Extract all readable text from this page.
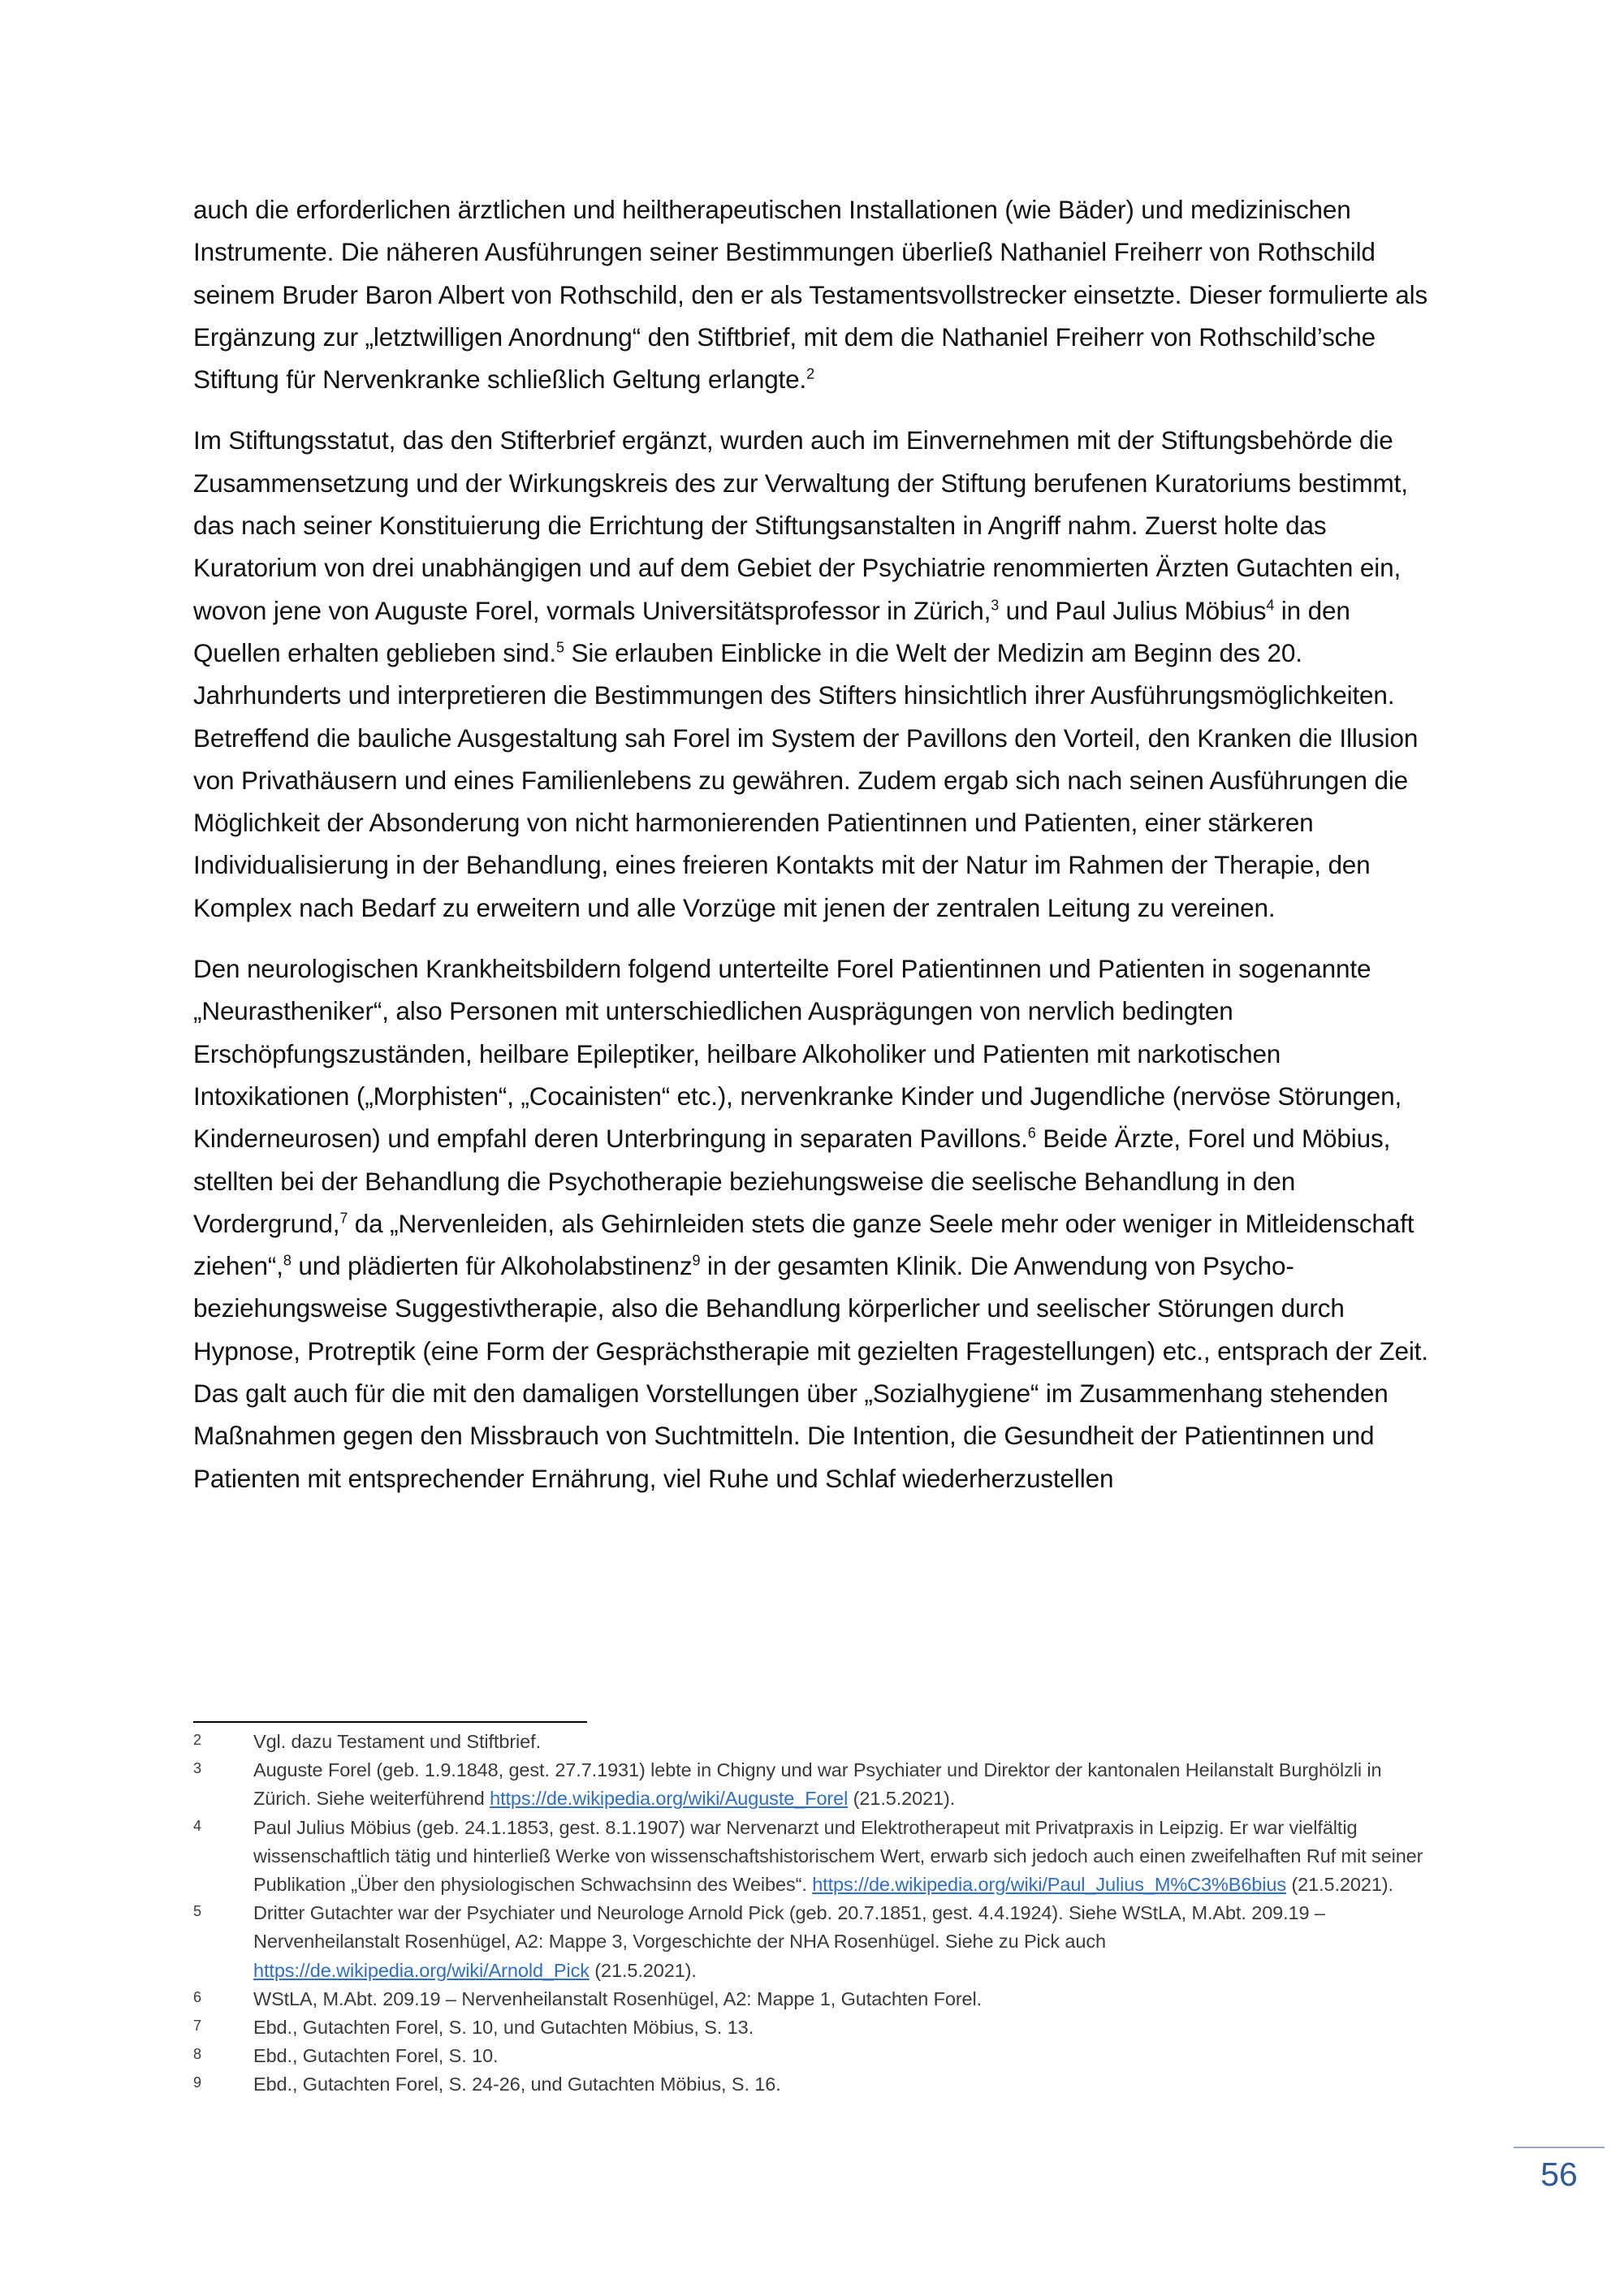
auch die erforderlichen ärztlichen und heiltherapeutischen Installationen (wie Bäder) und medizinischen Instrumente. Die näheren Ausführungen seiner Bestimmungen überließ Nathaniel Freiherr von Rothschild seinem Bruder Baron Albert von Rothschild, den er als Testamentsvollstrecker einsetzte. Dieser formulierte als Ergänzung zur „letztwilligen Anordnung“ den Stiftbrief, mit dem die Nathaniel Freiherr von Rothschild’sche Stiftung für Nervenkranke schließlich Geltung erlangte.$^2$

Im Stiftungsstatut, das den Stifterbrief ergänzt, wurden auch im Einvernehmen mit der Stiftungsbehörde die Zusammensetzung und der Wirkungskreis des zur Verwaltung der Stiftung berufenen Kuratoriums bestimmt, das nach seiner Konstituierung die Errichtung der Stiftungsanstalten in Angriff nahm. Zuerst holte das Kuratorium von drei unabhängigen und auf dem Gebiet der Psychiatrie renommierten Ärzten Gutachten ein, wovon jene von Auguste Forel, vormals Universitätsprofessor in Zürich,$^3$ und Paul Julius Möbius$^4$ in den Quellen erhalten geblieben sind.$^5$ Sie erlauben Einblicke in die Welt der Medizin am Beginn des 20. Jahrhunderts und interpretieren die Bestimmungen des Stifters hinsichtlich ihrer Ausführungsmöglichkeiten. Betreffend die bauliche Ausgestaltung sah Forel im System der Pavillons den Vorteil, den Kranken die Illusion von Privathäusern und eines Familienlebens zu gewähren. Zudem ergab sich nach seinen Ausführungen die Möglichkeit der Absonderung von nicht harmonierenden Patientinnen und Patienten, einer stärkeren Individualisierung in der Behandlung, eines freieren Kontakts mit der Natur im Rahmen der Therapie, den Komplex nach Bedarf zu erweitern und alle Vorzüge mit jenen der zentralen Leitung zu vereinen.

Den neurologischen Krankheitsbildern folgend unterteilte Forel Patientinnen und Patienten in sogenannte „Neurastheniker“, also Personen mit unterschiedlichen Ausprägungen von nervlich bedingten Erschöpfungszuständen, heilbare Epileptiker, heilbare Alkoholiker und Patienten mit narkotischen Intoxikationen („Morphisten“, „Cocainisten“ etc.), nervenkranke Kinder und Jugendliche (nervöse Störungen, Kinderneurosen) und empfahl deren Unterbringung in separaten Pavillons.$^6$ Beide Ärzte, Forel und Möbius, stellten bei der Behandlung die Psychotherapie beziehungsweise die seelische Behandlung in den Vordergrund,$^7$ da „Nervenleiden, als Gehirnleiden stets die ganze Seele mehr oder weniger in Mitleidenschaft ziehen“,$^8$ und plädierten für Alkoholabstinenz$^9$ in der gesamten Klinik. Die Anwendung von Psycho- beziehungsweise Suggestivtherapie, also die Behandlung körperlicher und seelischer Störungen durch Hypnose, Protreptik (eine Form der Gesprächstherapie mit gezielten Fragestellungen) etc., entsprach der Zeit. Das galt auch für die mit den damaligen Vorstellungen über „Sozialhygiene“ im Zusammenhang stehenden Maßnahmen gegen den Missbrauch von Suchtmitteln. Die Intention, die Gesundheit der Patientinnen und Patienten mit entsprechender Ernährung, viel Ruhe und Schlaf wiederherzustellen

2	Vgl. dazu Testament und Stiftbrief.
3	Auguste Forel (geb. 1.9.1848, gest. 27.7.1931) lebte in Chigny und war Psychiater und Direktor der kantonalen Heilanstalt Burghölzli in Zürich. Siehe weiterführend https://de.wikipedia.org/wiki/Auguste_Forel (21.5.2021).
4	Paul Julius Möbius (geb. 24.1.1853, gest. 8.1.1907) war Nervenarzt und Elektrotherapeut mit Privatpraxis in Leipzig. Er war vielfältig wissenschaftlich tätig und hinterließ Werke von wissenschaftshistorischem Wert, erwarb sich jedoch auch einen zweifelhaften Ruf mit seiner Publikation „Über den physiologischen Schwachsinn des Weibes“. https://de.wikipedia.org/wiki/Paul_Julius_M%C3%B6bius (21.5.2021).
5	Dritter Gutachter war der Psychiater und Neurologe Arnold Pick (geb. 20.7.1851, gest. 4.4.1924). Siehe WStLA, M.Abt. 209.19 – Nervenheilanstalt Rosenhügel, A2: Mappe 3, Vorgeschichte der NHA Rosenhügel. Siehe zu Pick auch https://de.wikipedia.org/wiki/Arnold_Pick (21.5.2021).
6	WStLA, M.Abt. 209.19 – Nervenheilanstalt Rosenhügel, A2: Mappe 1, Gutachten Forel.
7	Ebd., Gutachten Forel, S. 10, und Gutachten Möbius, S. 13.
8	Ebd., Gutachten Forel, S. 10.
9	Ebd., Gutachten Forel, S. 24-26, und Gutachten Möbius, S. 16.
56
